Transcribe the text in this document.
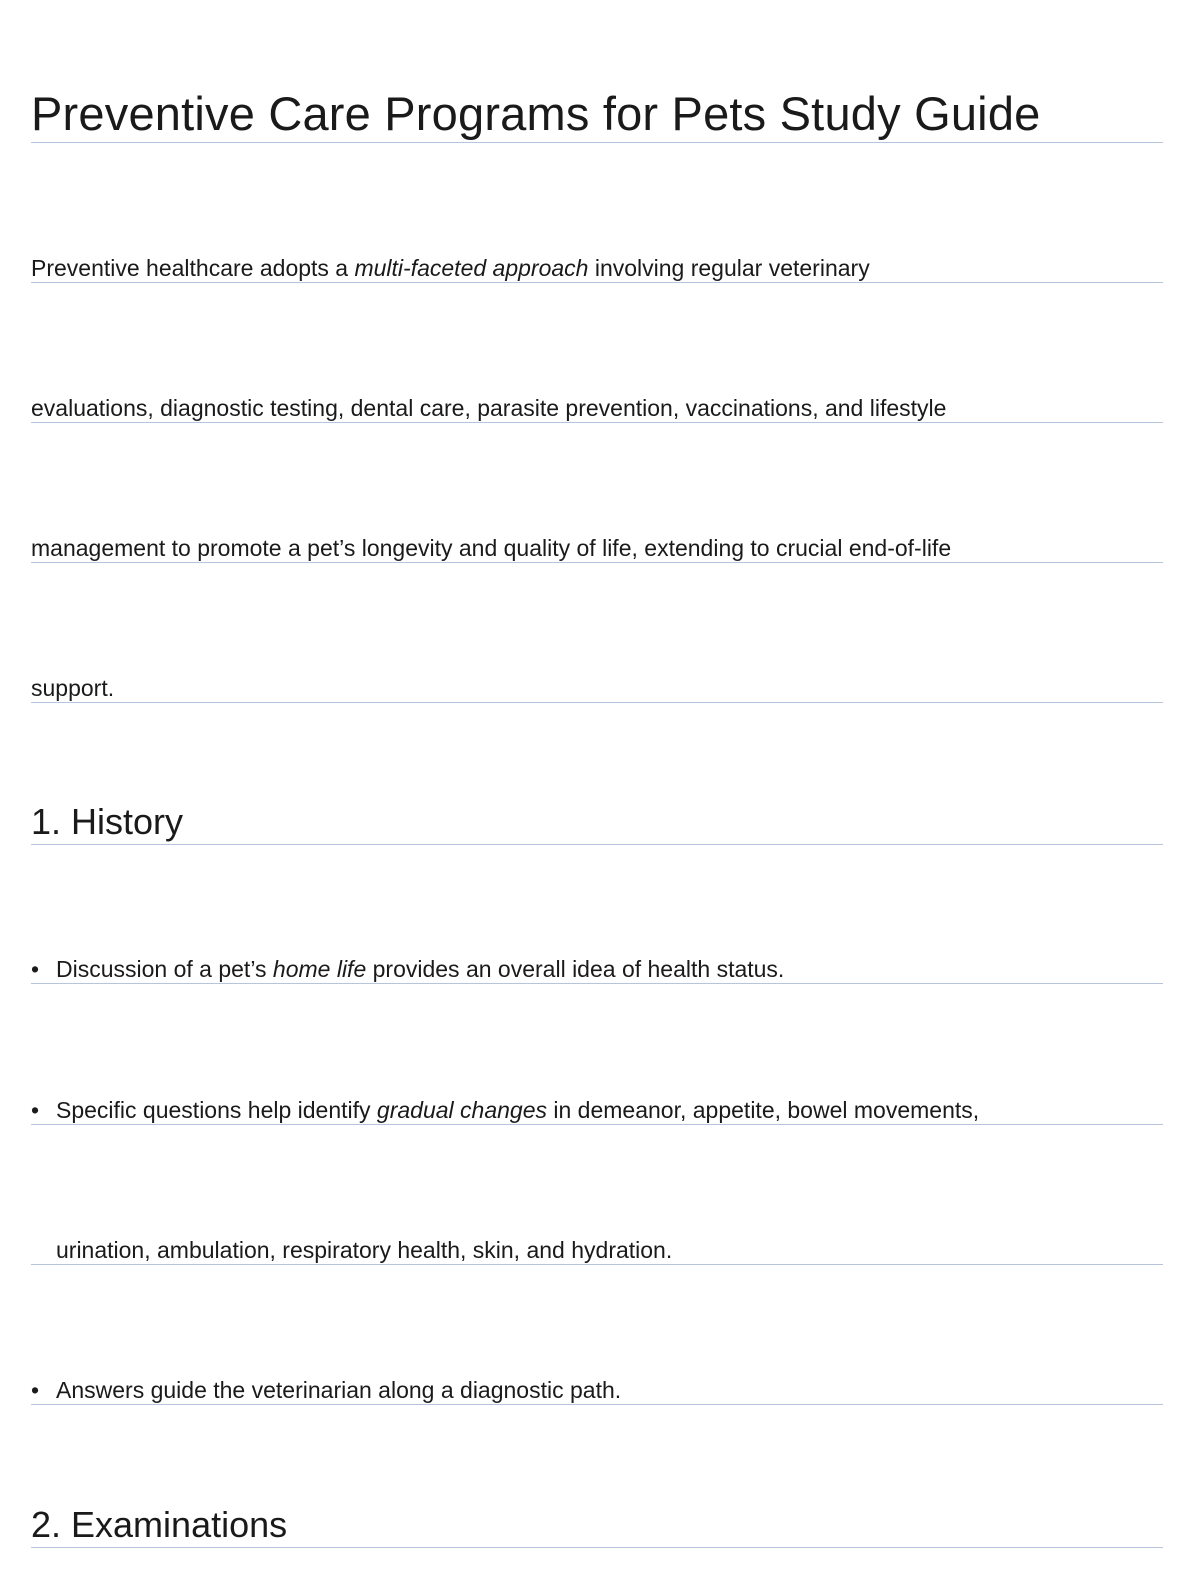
Preventive Care Programs for Pets Study Guide
Preventive healthcare adopts a multi-faceted approach involving regular veterinary
evaluations, diagnostic testing, dental care, parasite prevention, vaccinations, and lifestyle
management to promote a pet’s longevity and quality of life, extending to crucial end-of-life
support.
1. History
• Discussion of a pet’s home life provides an overall idea of health status.
• Specific questions help identify gradual changes in demeanor, appetite, bowel movements,
urination, ambulation, respiratory health, skin, and hydration.
• Answers guide the veterinarian along a diagnostic path.
2. Examinations
